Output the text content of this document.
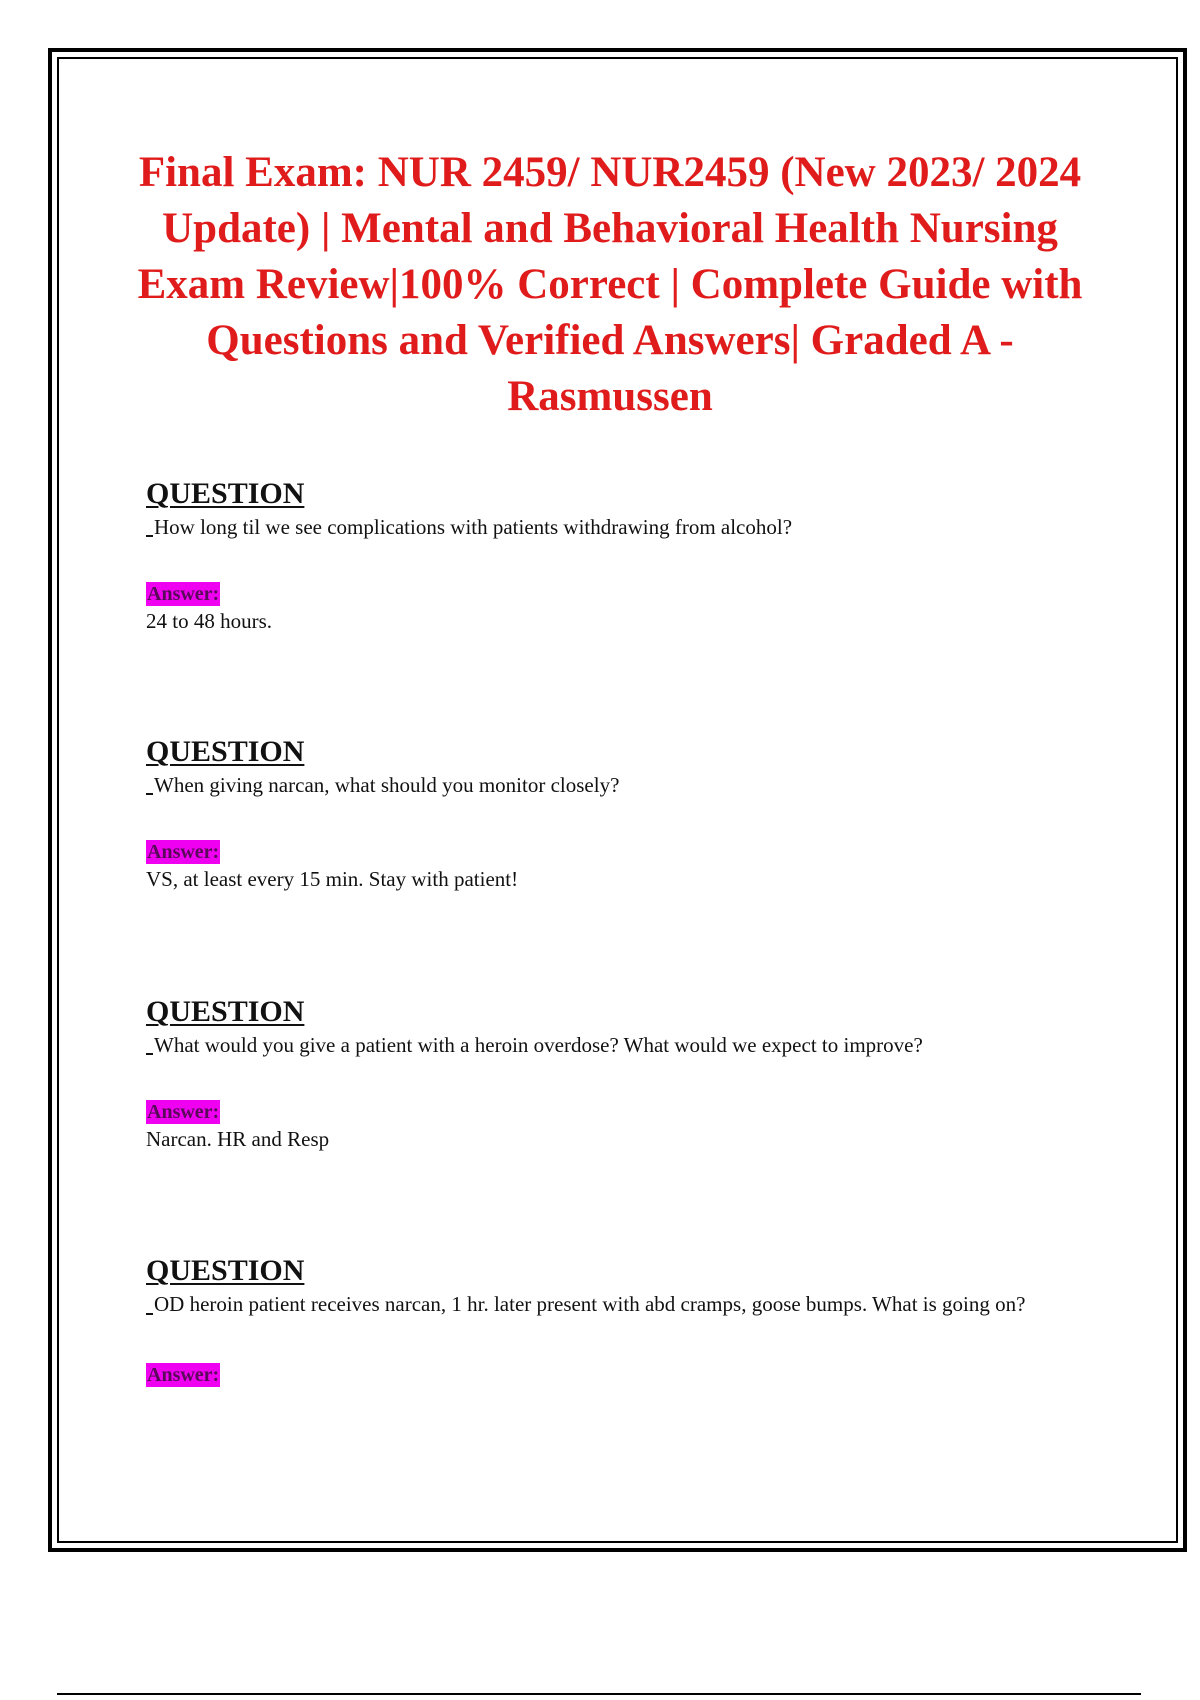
Final Exam: NUR 2459/ NUR2459 (New 2023/ 2024 Update) | Mental and Behavioral Health Nursing Exam Review|100% Correct | Complete Guide with Questions and Verified Answers| Graded A -Rasmussen

QUESTION

How long til we see complications with patients withdrawing from alcohol?

Answer:

24 to 48 hours.

QUESTION

When giving narcan, what should you monitor closely?

Answer:

VS, at least every 15 min. Stay with patient!

QUESTION

What would you give a patient with a heroin overdose? What would we expect to improve?

Answer:

Narcan. HR and Resp

QUESTION

OD heroin patient receives narcan, 1 hr. later present with abd cramps, goose bumps. What is going on?

Answer:
